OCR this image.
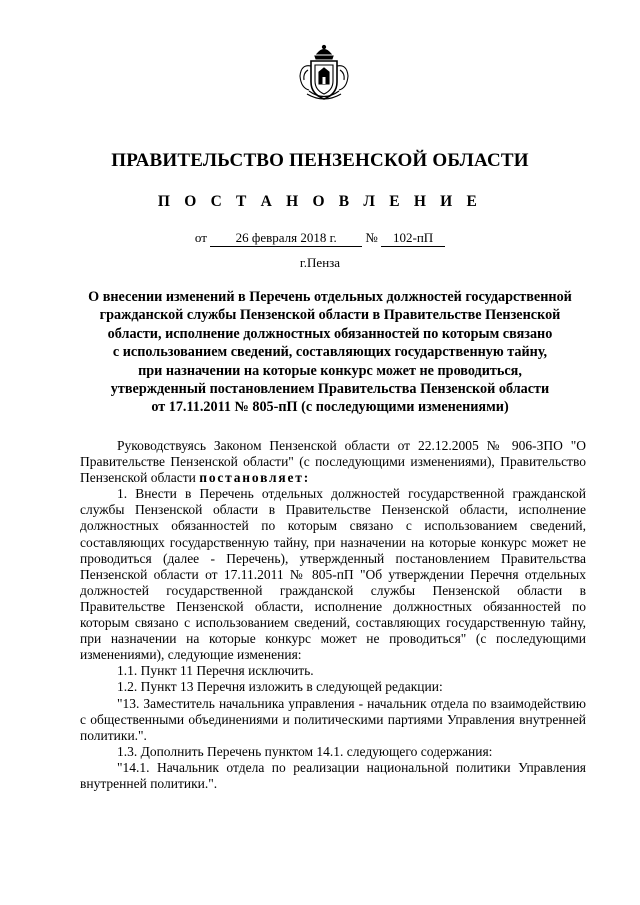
ПРАВИТЕЛЬСТВО ПЕНЗЕНСКОЙ ОБЛАСТИ
П О С Т А Н О В Л Е Н И Е
от 26 февраля 2018 г. № 102-пП
г.Пенза
О внесении изменений в Перечень отдельных должностей государственной
гражданской службы Пензенской области в Правительстве Пензенской
области, исполнение должностных обязанностей по которым связано
с использованием сведений, составляющих государственную тайну,
при назначении на которые конкурс может не проводиться,
утвержденный постановлением Правительства Пензенской области
от 17.11.2011 № 805-пП (с последующими изменениями)

Руководствуясь Законом Пензенской области от 22.12.2005 № 906-ЗПО "О Правительстве Пензенской области" (с последующими изменениями), Правительство Пензенской области постановляет:

1. Внести в Перечень отдельных должностей государственной гражданской службы Пензенской области в Правительстве Пензенской области, исполнение должностных обязанностей по которым связано с использованием сведений, составляющих государственную тайну, при назначении на которые конкурс может не проводиться (далее - Перечень), утвержденный постановлением Правительства Пензенской области от 17.11.2011 № 805-пП "Об утверждении Перечня отдельных должностей государственной гражданской службы Пензенской области в Правительстве Пензенской области, исполнение должностных обязанностей по которым связано с использованием сведений, составляющих государственную тайну, при назначении на которые конкурс может не проводиться" (с последующими изменениями), следующие изменения:

1.1. Пункт 11 Перечня исключить.

1.2. Пункт 13 Перечня изложить в следующей редакции:

"13. Заместитель начальника управления - начальник отдела по взаимодействию с общественными объединениями и политическими партиями Управления внутренней политики.".

1.3. Дополнить Перечень пунктом 14.1. следующего содержания:

"14.1. Начальник отдела по реализации национальной политики Управления внутренней политики.".
